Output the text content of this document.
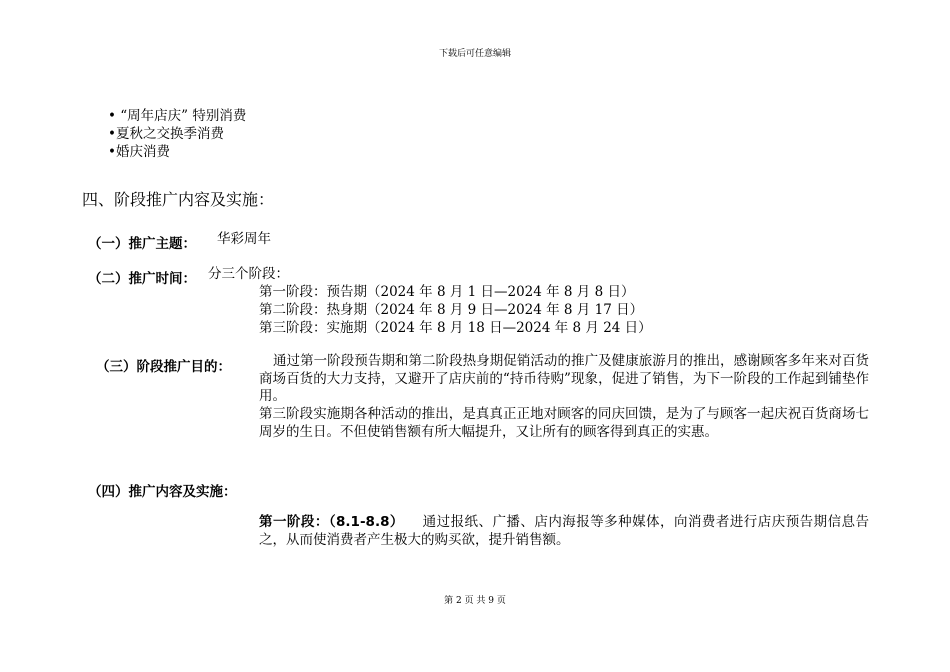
下载后可任意编辑
• “周年店庆” 特别消费
•夏秋之交换季消费
•婚庆消费
四、阶段推广内容及实施：
（一）推广主题： 华彩周年
（二）推广时间： 分三个阶段：
第一阶段：预告期（2024 年 8 月 1 日—2024 年 8 月 8 日）
第二阶段：热身期（2024 年 8 月 9 日—2024 年 8 月 17 日）
第三阶段：实施期（2024 年 8 月 18 日—2024 年 8 月 24 日）
（三）阶段推广目的：	通过第一阶段预告期和第二阶段热身期促销活动的推广及健康旅游月的推出，感谢顾客多年来对百货商场百货的大力支持，又避开了店庆前的“持币待购”现象，促进了销售，为下一阶段的工作起到铺垫作用。
第三阶段实施期各种活动的推出，是真真正正地对顾客的同庆回馈，是为了与顾客一起庆祝百货商场七周岁的生日。不但使销售额有所大幅提升，又让所有的顾客得到真正的实惠。
（四）推广内容及实施：
第一阶段：（8.1-8.8） 通过报纸、广播、店内海报等多种媒体，向消费者进行店庆预告期信息告之，从而使消费者产生极大的购买欲，提升销售额。
第 2 页 共 9 页
